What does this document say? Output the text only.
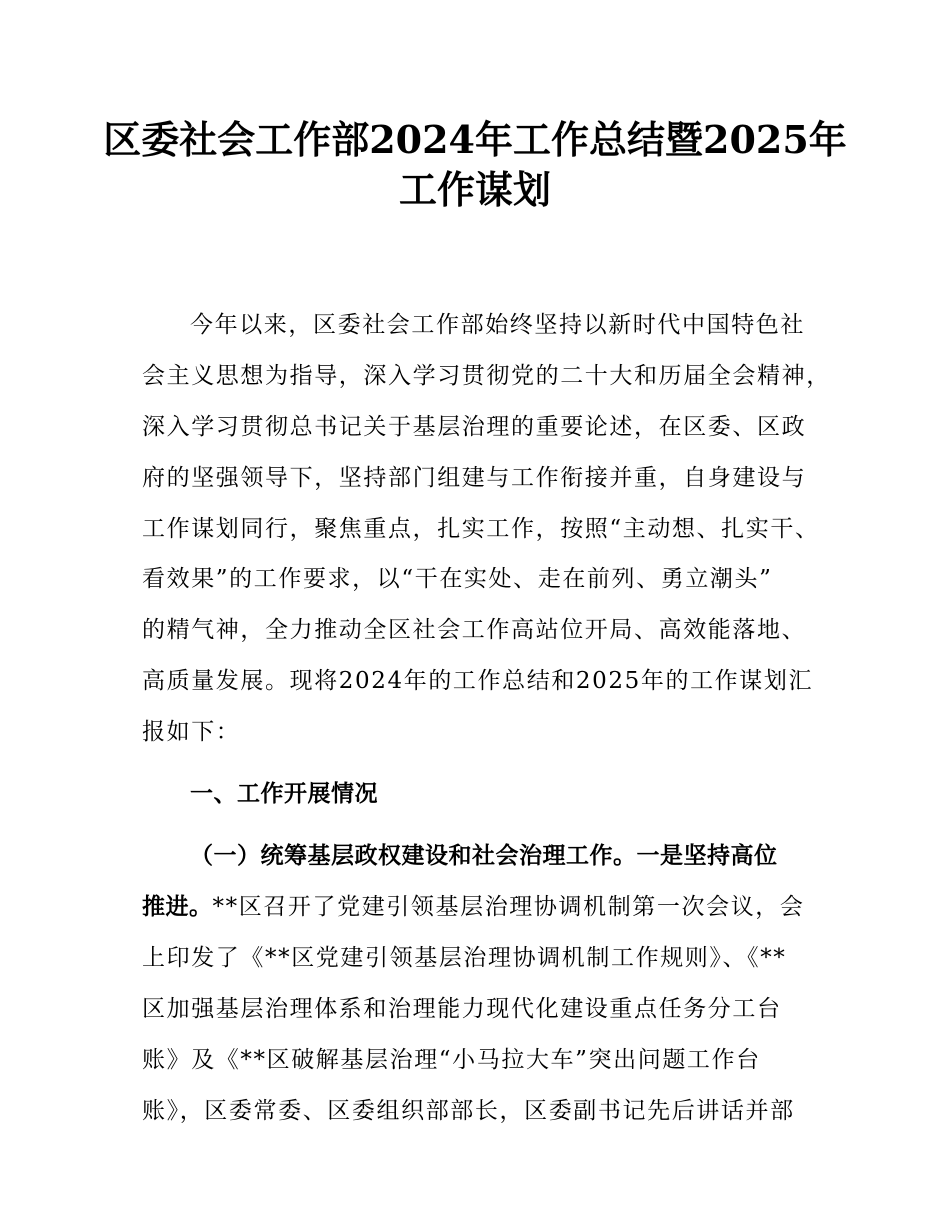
区委社会工作部2024年工作总结暨2025年
工作谋划
今年以来，区委社会工作部始终坚持以新时代中国特色社
会主义思想为指导，深入学习贯彻党的二十大和历届全会精神，
深入学习贯彻总书记关于基层治理的重要论述，在区委、区政
府的坚强领导下，坚持部门组建与工作衔接并重，自身建设与
工作谋划同行，聚焦重点，扎实工作，按照“主动想、扎实干、
看效果”的工作要求，以“干在实处、走在前列、勇立潮头”
的精气神，全力推动全区社会工作高站位开局、高效能落地、
高质量发展。现将2024年的工作总结和2025年的工作谋划汇
报如下：
一、工作开展情况
（一）统筹基层政权建设和社会治理工作。一是坚持高位
推进。**区召开了党建引领基层治理协调机制第一次会议，会
上印发了《**区党建引领基层治理协调机制工作规则》、《**
区加强基层治理体系和治理能力现代化建设重点任务分工台
账》及《**区破解基层治理“小马拉大车”突出问题工作台
账》，区委常委、区委组织部部长，区委副书记先后讲话并部
